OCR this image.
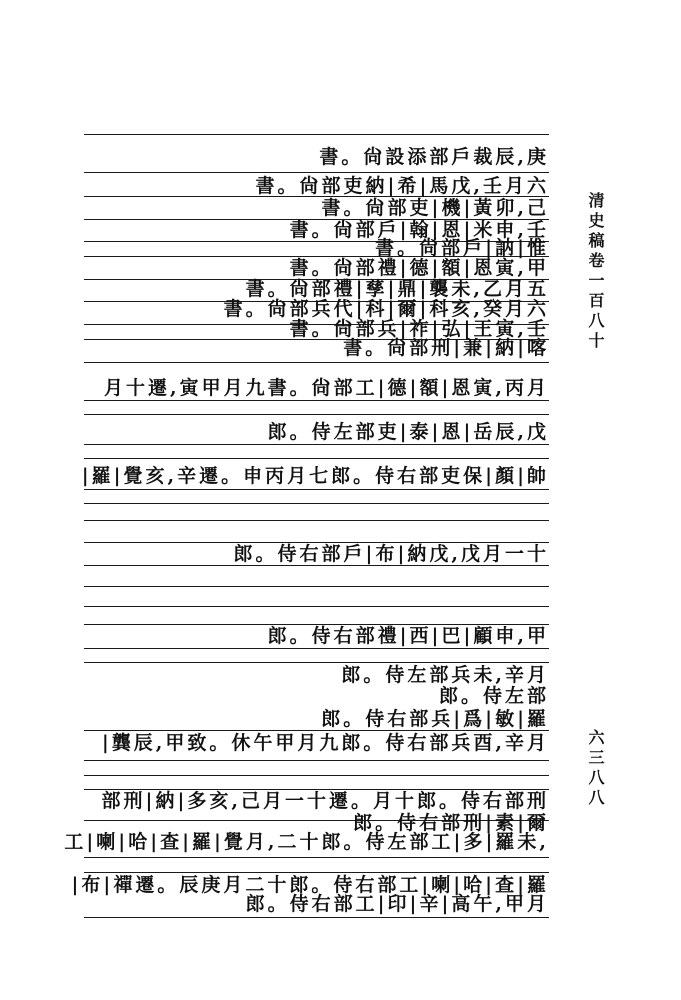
書。尙設添部戶裁辰,庚
書。尙部吏納|希|馬戊,壬月六
書。尙部吏|機|黃卯,己
書。尙部戶|翰|恩|米申,壬
書。尙部戶|訥|惟
書。尙部禮|德|額|恩寅,甲
書。尙部禮|孳|鼎|襲未,乙月五
書。尙部兵代|科|爾|科亥,癸月六
書。尙部兵|祚|弘|王寅,壬
書。尙部刑|兼|納|喀
月十遷,寅甲月九書。尙部工|德|額|恩寅,丙月
郎。侍左部吏|泰|恩|岳辰,戊
|羅|覺亥,辛遷。申丙月七郎。侍右部吏保|顏|帥
郎。侍右部戶|布|納戊,戊月一十
郎。侍右部禮|西|巴|顧申,甲
郎。侍左部兵未,辛月
郎。侍左部
郎。侍右部兵|爲|敏|羅
|龔辰,甲致。休午甲月九郎。侍右部兵酉,辛月
部刑|納|多亥,己月一十遷。月十郎。侍右部刑
郎。侍右部刑|素|爾
工|喇|哈|查|羅|覺月,二十郎。侍左部工|多|羅未,
|布|禪遷。辰庚月二十郎。侍右部工|喇|哈|查|羅
郎。侍右部工|印|辛|高午,甲月
清史稿卷一百八十
六三八八
